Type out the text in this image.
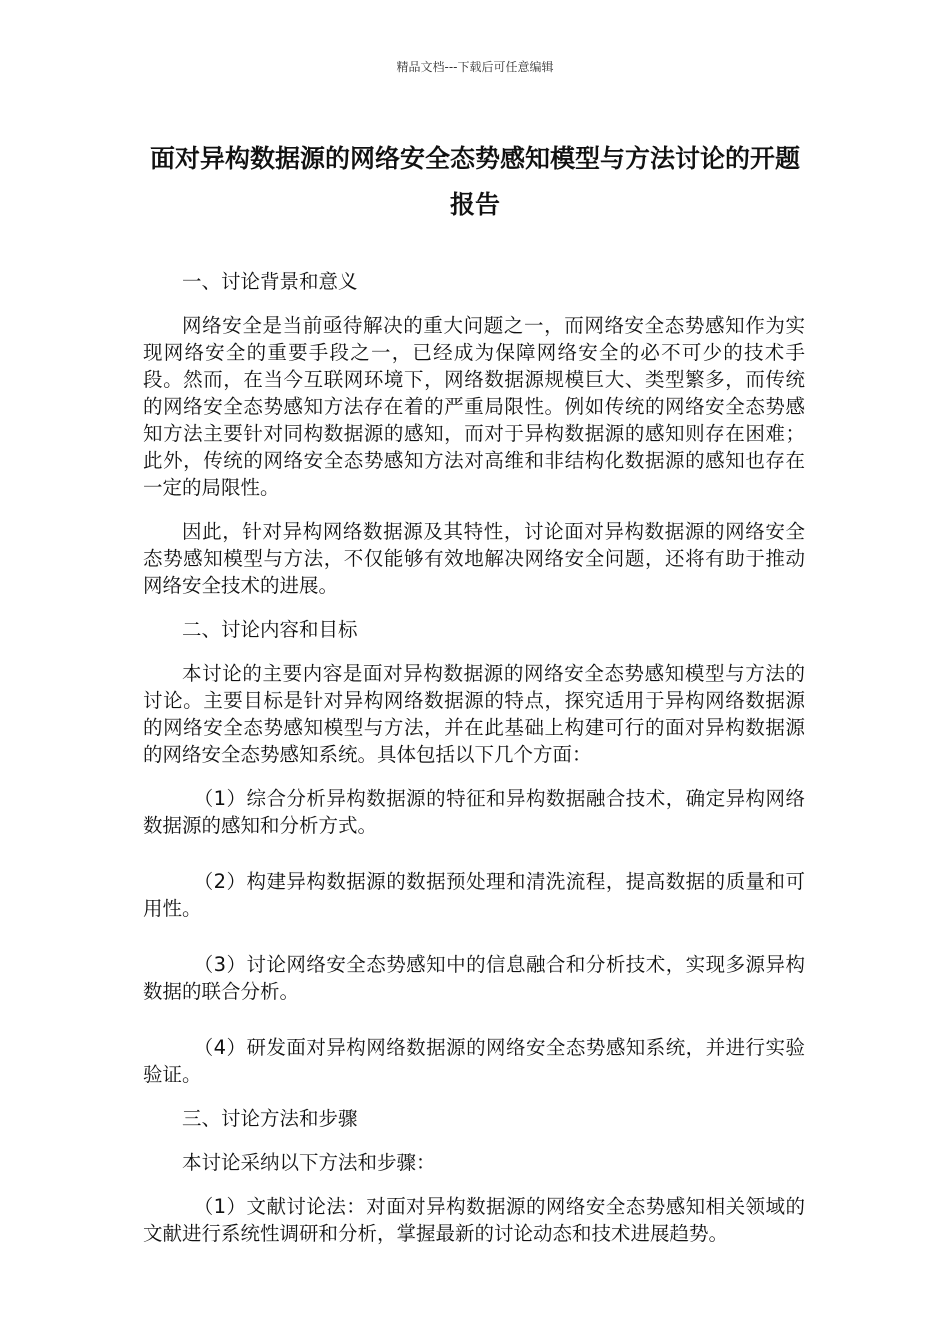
精品文档---下载后可任意编辑
面对异构数据源的网络安全态势感知模型与方法讨论的开题报告

一、讨论背景和意义

网络安全是当前亟待解决的重大问题之一，而网络安全态势感知作为实现网络安全的重要手段之一，已经成为保障网络安全的必不可少的技术手段。然而，在当今互联网环境下，网络数据源规模巨大、类型繁多，而传统的网络安全态势感知方法存在着的严重局限性。例如传统的网络安全态势感知方法主要针对同构数据源的感知，而对于异构数据源的感知则存在困难；此外，传统的网络安全态势感知方法对高维和非结构化数据源的感知也存在一定的局限性。

因此，针对异构网络数据源及其特性，讨论面对异构数据源的网络安全态势感知模型与方法，不仅能够有效地解决网络安全问题，还将有助于推动网络安全技术的进展。

二、讨论内容和目标

本讨论的主要内容是面对异构数据源的网络安全态势感知模型与方法的讨论。主要目标是针对异构网络数据源的特点，探究适用于异构网络数据源的网络安全态势感知模型与方法，并在此基础上构建可行的面对异构数据源的网络安全态势感知系统。具体包括以下几个方面：

（1）综合分析异构数据源的特征和异构数据融合技术，确定异构网络数据源的感知和分析方式。

（2）构建异构数据源的数据预处理和清洗流程，提高数据的质量和可用性。

（3）讨论网络安全态势感知中的信息融合和分析技术，实现多源异构数据的联合分析。

（4）研发面对异构网络数据源的网络安全态势感知系统，并进行实验验证。

三、讨论方法和步骤

本讨论采纳以下方法和步骤：

（1）文献讨论法：对面对异构数据源的网络安全态势感知相关领域的文献进行系统性调研和分析，掌握最新的讨论动态和技术进展趋势。
